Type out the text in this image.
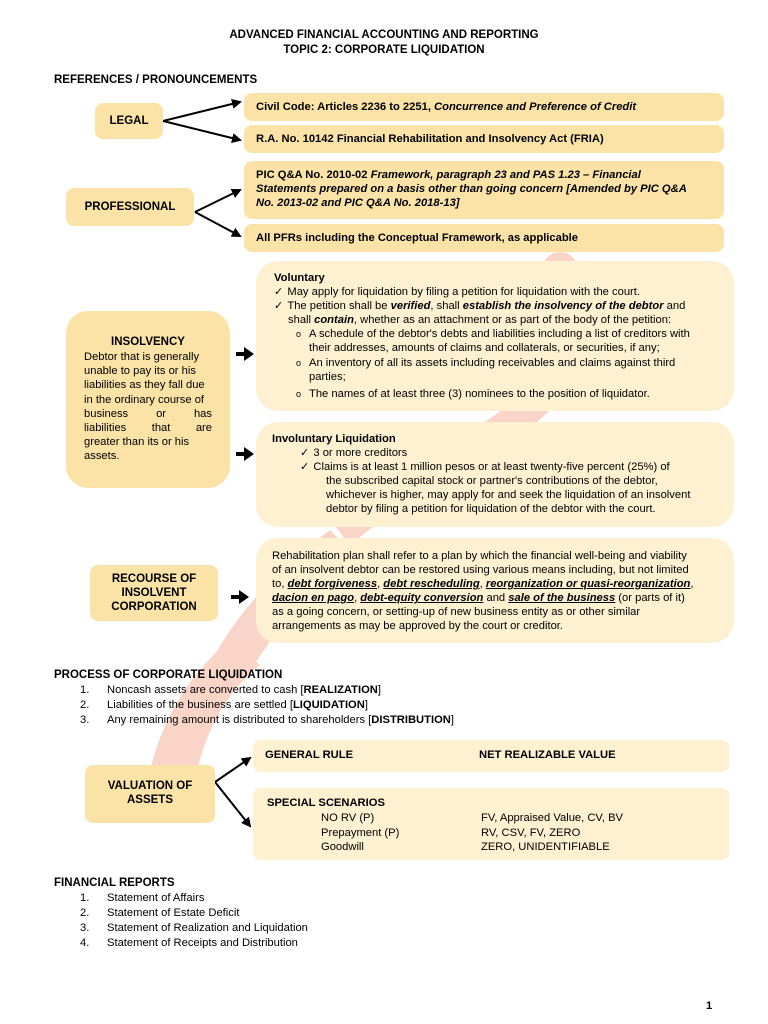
ADVANCED FINANCIAL ACCOUNTING AND REPORTING
TOPIC 2: CORPORATE LIQUIDATION
REFERENCES / PRONOUNCEMENTS
LEGAL
Civil Code: Articles 2236 to 2251, Concurrence and Preference of Credit
R.A. No. 10142 Financial Rehabilitation and Insolvency Act (FRIA)
PROFESSIONAL
PIC Q&A No. 2010-02 Framework, paragraph 23 and PAS 1.23 – Financial
Statements prepared on a basis other than going concern [Amended by PIC Q&A
No. 2013-02 and PIC Q&A No. 2018-13]
All PFRs including the Conceptual Framework, as applicable
INSOLVENCY
Debtor that is generally
unable to pay its or his
liabilities as they fall due
in the ordinary course of
business or has
liabilities that are
greater than its or his
assets.
Voluntary
✓ May apply for liquidation by filing a petition for liquidation with the court.
✓ The petition shall be verified, shall establish the insolvency of the debtor and
shall contain, whether as an attachment or as part of the body of the petition:
o A schedule of the debtor's debts and liabilities including a list of creditors with
their addresses, amounts of claims and collaterals, or securities, if any;
o An inventory of all its assets including receivables and claims against third
parties;
o The names of at least three (3) nominees to the position of liquidator.
Involuntary Liquidation
✓ 3 or more creditors
✓ Claims is at least 1 million pesos or at least twenty-five percent (25%) of
the subscribed capital stock or partner's contributions of the debtor,
whichever is higher, may apply for and seek the liquidation of an insolvent
debtor by filing a petition for liquidation of the debtor with the court.
RECOURSE OF
INSOLVENT
CORPORATION
Rehabilitation plan shall refer to a plan by which the financial well-being and viability
of an insolvent debtor can be restored using various means including, but not limited
to, debt forgiveness, debt rescheduling, reorganization or quasi-reorganization,
dacion en pago, debt-equity conversion and sale of the business (or parts of it)
as a going concern, or setting-up of new business entity as or other similar
arrangements as may be approved by the court or creditor.
PROCESS OF CORPORATE LIQUIDATION
1. Noncash assets are converted to cash [REALIZATION]
2. Liabilities of the business are settled [LIQUIDATION]
3. Any remaining amount is distributed to shareholders [DISTRIBUTION]
VALUATION OF
ASSETS
GENERAL RULE	NET REALIZABLE VALUE
SPECIAL SCENARIOS
NO RV (P)
Prepayment (P)
Goodwill
FV, Appraised Value, CV, BV
RV, CSV, FV, ZERO
ZERO, UNIDENTIFIABLE
FINANCIAL REPORTS
1. Statement of Affairs
2. Statement of Estate Deficit
3. Statement of Realization and Liquidation
4. Statement of Receipts and Distribution
1
